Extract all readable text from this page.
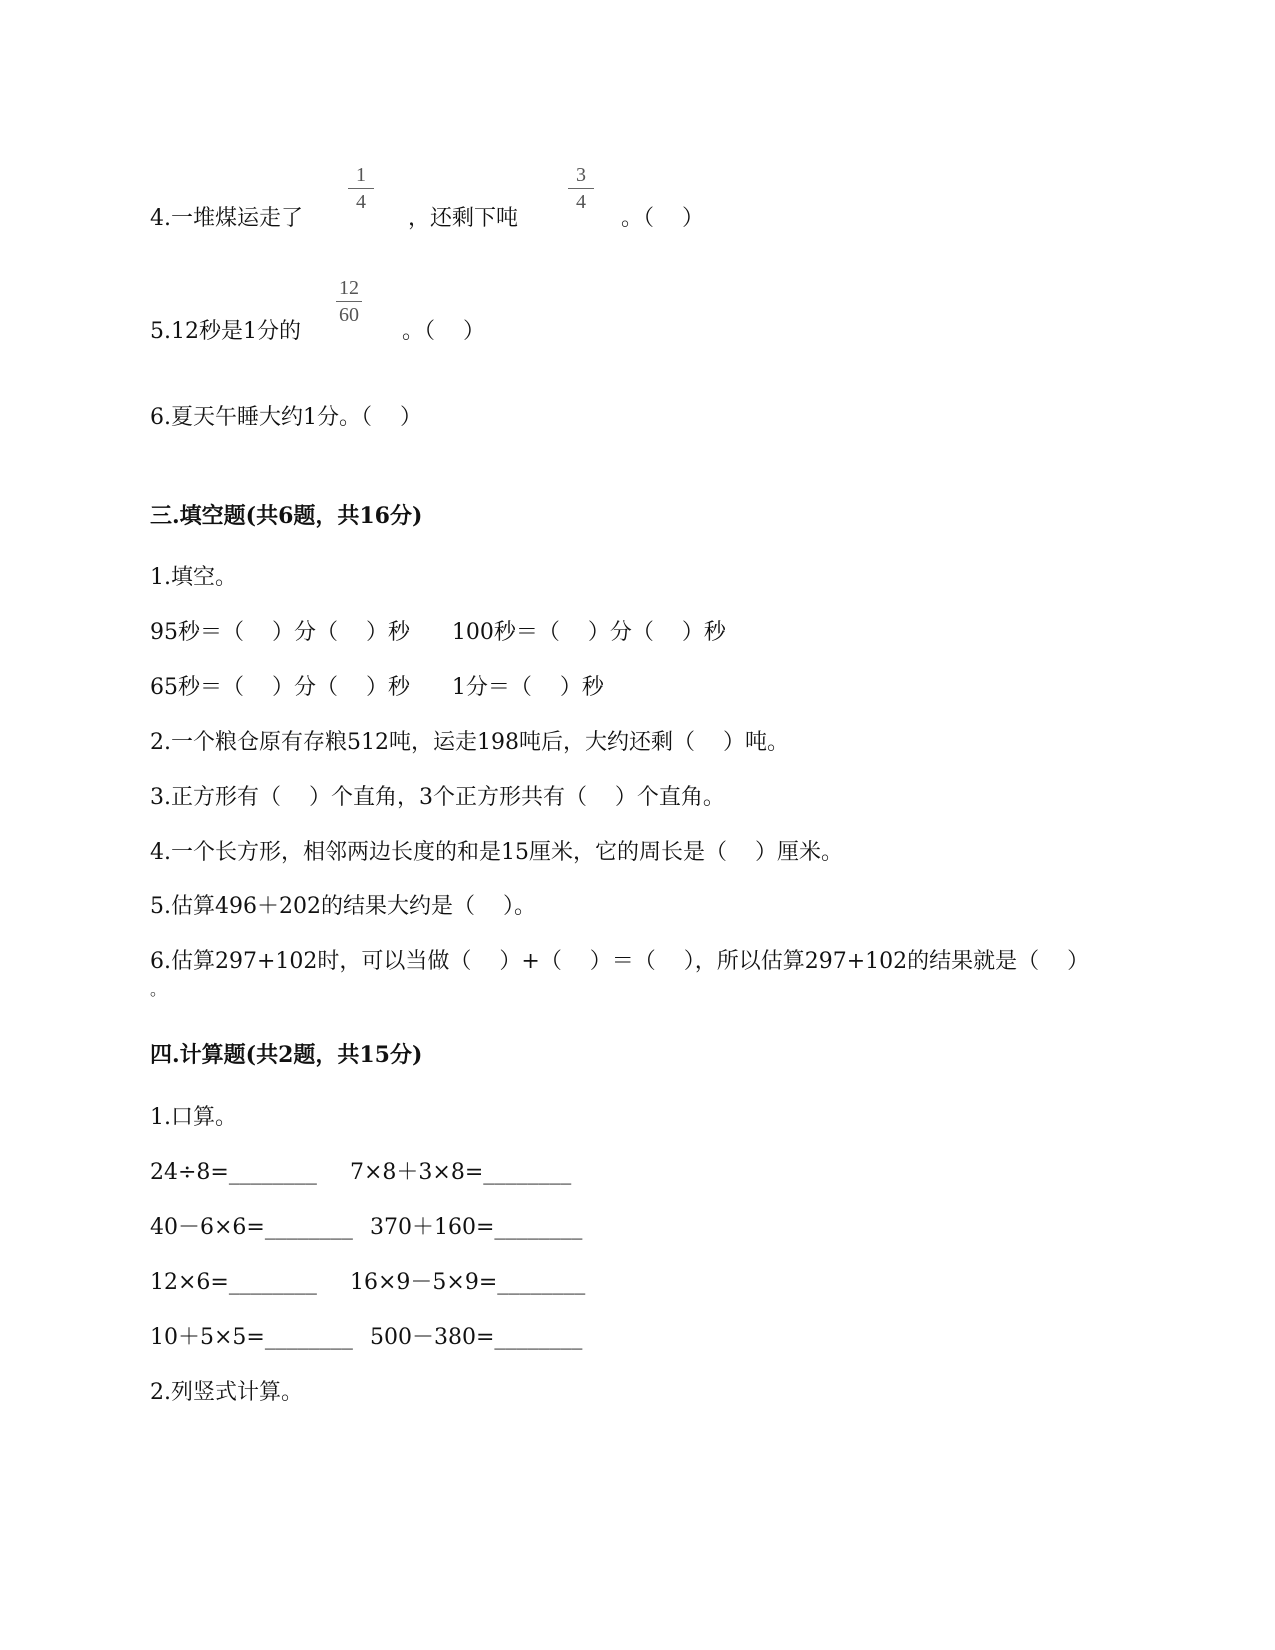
4.一堆煤运走了
1
4
，还剩下吨
3
4
。（    ）
5.12秒是1分的
12
60
。（    ）
6.夏天午睡大约1分。（    ）
三.填空题(共6题，共16分)
1.填空。
95秒＝（    ）分（    ）秒      100秒＝（    ）分（    ）秒
65秒＝（    ）分（    ）秒      1分＝（    ）秒
2.一个粮仓原有存粮512吨，运走198吨后，大约还剩（    ）吨。
3.正方形有（    ）个直角，3个正方形共有（    ）个直角。
4.一个长方形，相邻两边长度的和是15厘米，它的周长是（    ）厘米。
5.估算496＋202的结果大约是（    ）。
6.估算297+102时，可以当做（    ）+（    ）＝（    ），所以估算297+102的结果就是（    ）
。
四.计算题(共2题，共15分)
1.口算。
24÷8=________ 7×8＋3×8=________
40－6×6=________ 370＋160=________
12×6=________ 16×9－5×9=________
10＋5×5=________ 500－380=________
2.列竖式计算。
